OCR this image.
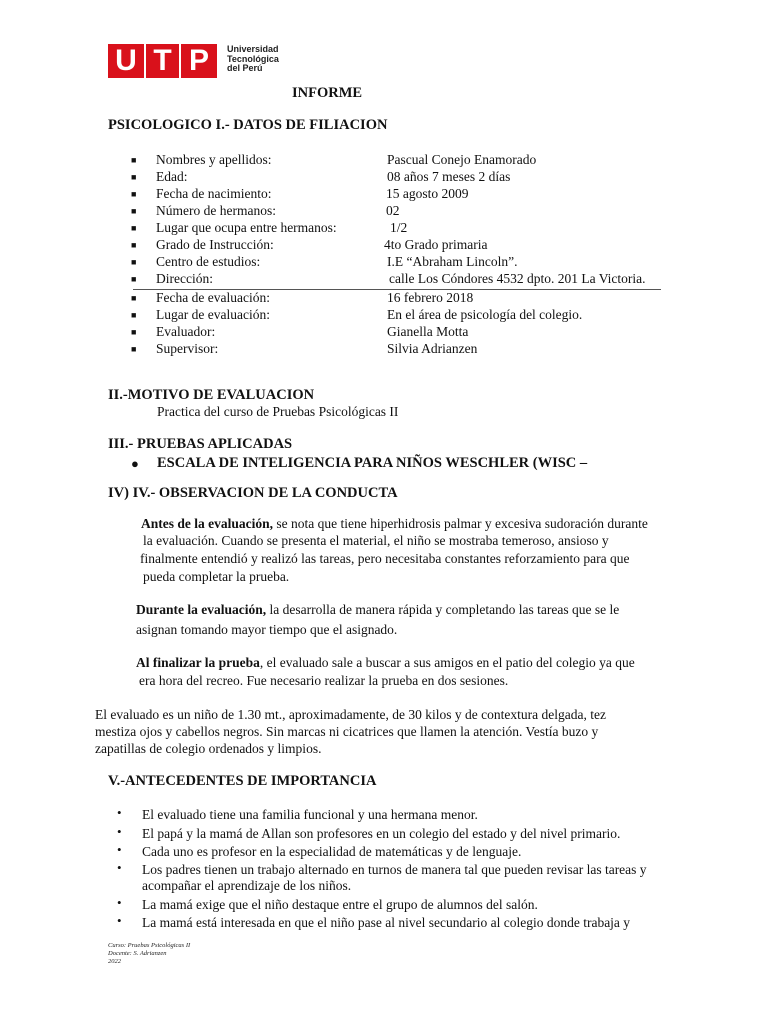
U T P	Universidad
Tecnológica
del Perú
INFORME
PSICOLOGICO I.- DATOS DE FILIACION
■ Nombres y apellidos:	Pascual Conejo Enamorado
■ Edad:	08 años 7 meses 2 días
■ Fecha de nacimiento:	15 agosto 2009
■ Número de hermanos:	02
■ Lugar que ocupa entre hermanos:	1/2
■ Grado de Instrucción:	4to Grado primaria
■ Centro de estudios:	I.E “Abraham Lincoln”.
■ Dirección:	calle Los Cóndores 4532 dpto. 201 La Victoria.
■ Fecha de evaluación:	16 febrero 2018
■ Lugar de evaluación:	En el área de psicología del colegio.
■ Evaluador:	Gianella Motta
■ Supervisor:	Silvia Adrianzen
II.-MOTIVO DE EVALUACION
Practica del curso de Pruebas Psicológicas II
III.- PRUEBAS APLICADAS
● ESCALA DE INTELIGENCIA PARA NIÑOS WESCHLER (WISC –
IV) IV.- OBSERVACION DE LA CONDUCTA
Antes de la evaluación, se nota que tiene hiperhidrosis palmar y excesiva sudoración durante
la evaluación. Cuando se presenta el material, el niño se mostraba temeroso, ansioso y
finalmente entendió y realizó las tareas, pero necesitaba constantes reforzamiento para que
pueda completar la prueba.
Durante la evaluación, la desarrolla de manera rápida y completando las tareas que se le
asignan tomando mayor tiempo que el asignado.
Al finalizar la prueba, el evaluado sale a buscar a sus amigos en el patio del colegio ya que
era hora del recreo. Fue necesario realizar la prueba en dos sesiones.
El evaluado es un niño de 1.30 mt., aproximadamente, de 30 kilos y de contextura delgada, tez
mestiza ojos y cabellos negros. Sin marcas ni cicatrices que llamen la atención. Vestía buzo y
zapatillas de colegio ordenados y limpios.
V.-ANTECEDENTES DE IMPORTANCIA
• El evaluado tiene una familia funcional y una hermana menor.
• El papá y la mamá de Allan son profesores en un colegio del estado y del nivel primario.
• Cada uno es profesor en la especialidad de matemáticas y de lenguaje.
• Los padres tienen un trabajo alternado en turnos de manera tal que pueden revisar las tareas y
acompañar el aprendizaje de los niños.
• La mamá exige que el niño destaque entre el grupo de alumnos del salón.
• La mamá está interesada en que el niño pase al nivel secundario al colegio donde trabaja y
Curso: Pruebas Psicológicas II
Docente: S. Adrianzen
2022
